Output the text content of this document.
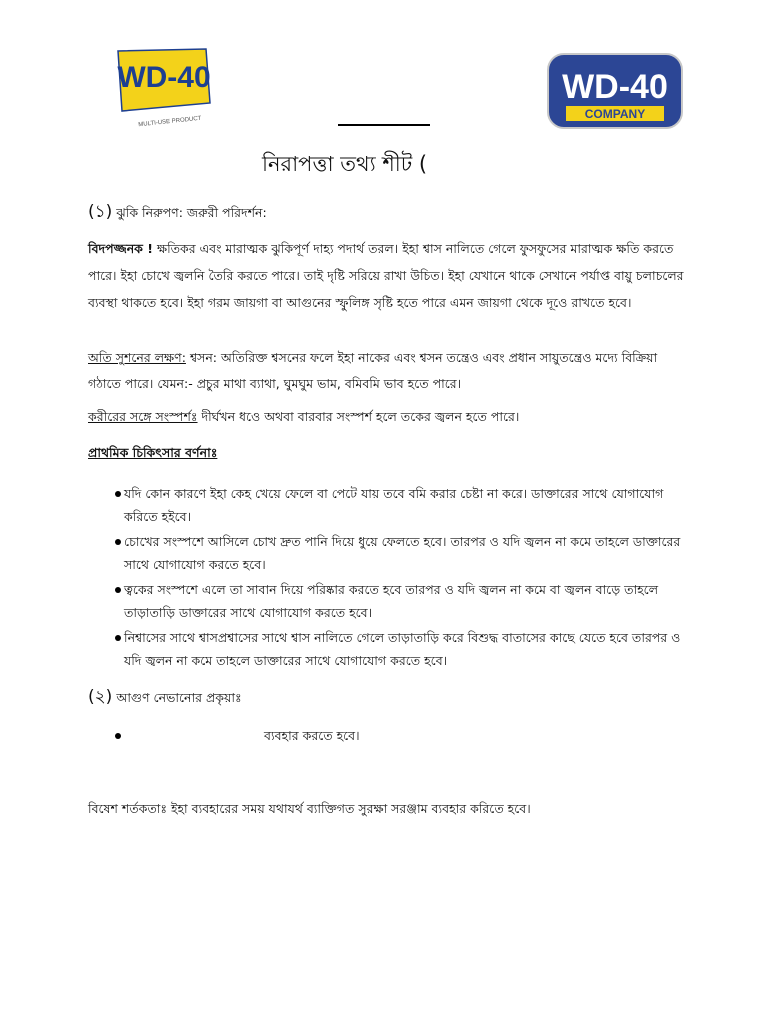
WD-40
MULTI-USE PRODUCT
WD-40
COMPANY
নিরাপত্তা তথ্য শীট (
(১) ঝুকি নিরুপণ: জরুরী পরিদর্শন:
বিদপজ্জনক ! ক্ষতিকর এবং মারাত্মক ঝুকিপূর্ণ দাহ্য পদার্থ তরল। ইহা শ্বাস নালিতে গেলে ফুসফুসের মারাত্মক ক্ষতি করতে পারে। ইহা চোখে জ্বলনি তৈরি করতে পারে। তাই দৃষ্টি সরিয়ে রাখা উচিত। ইহা যেখানে থাকে সেখানে পর্যাপ্ত বায়ু চলাচলের ব্যবস্থা থাকতে হবে। ইহা গরম জায়গা বা আগুনের স্ফুলিঙ্গ সৃষ্টি হতে পারে এমন জায়গা থেকে দূওে রাখতে হবে।
অতি সুশনের লক্ষণ: শ্বসন: অতিরিক্ত শ্বসনের ফলে ইহা নাকের এবং শ্বসন তন্ত্রেও এবং প্রধান সায়ুতন্ত্রেও মদ্যে বিক্রিয়া গঠাতে পারে। যেমন:- প্রচুর মাথা ব্যাথা, ঘুমঘুম ভাম, বমিবমি ভাব হতে পারে।
করীরের সঙ্গে সংস্পর্শঃ দীর্ঘখন ধওে অথবা বারবার সংস্পর্শ হলে তকের জ্বলন হতে পারে।
প্রাথমিক চিকিৎসার বর্ণনাঃ
যদি কোন কারণে ইহা কেহ খেয়ে ফেলে বা পেটে যায় তবে বমি করার চেষ্টা না করে। ডাক্তারের সাথে যোগাযোগ করিতে হইবে।
চোখের সংস্পশে আসিলে চোখ দ্রুত পানি দিয়ে ধুয়ে ফেলতে হবে। তারপর ও যদি জ্বলন না কমে তাহলে ডাক্তারের সাথে যোগাযোগ করতে হবে।
ত্বকের সংস্পশে এলে তা সাবান দিয়ে পরিষ্কার করতে হবে তারপর ও যদি জ্বলন না কমে বা জ্বলন বাড়ে তাহলে তাড়াতাড়ি ডাক্তারের সাথে যোগাযোগ করতে হবে।
নিশ্বাসের সাথে শ্বাসপ্রশ্বাসের সাথে শ্বাস নালিতে গেলে তাড়াতাড়ি করে বিশুদ্ধ বাতাসের কাছে যেতে হবে তারপর ও যদি জ্বলন না কমে তাহলে ডাক্তারের সাথে যোগাযোগ করতে হবে।
(২) আগুণ নেভানোর প্রকৃয়াঃ
ব্যবহার করতে হবে।
বিষেশ শর্তকতাঃ ইহা ব্যবহারের সময় যথাযর্থ ব্যাক্তিগত সুরক্ষা সরঞ্জাম ব্যবহার করিতে হবে।
